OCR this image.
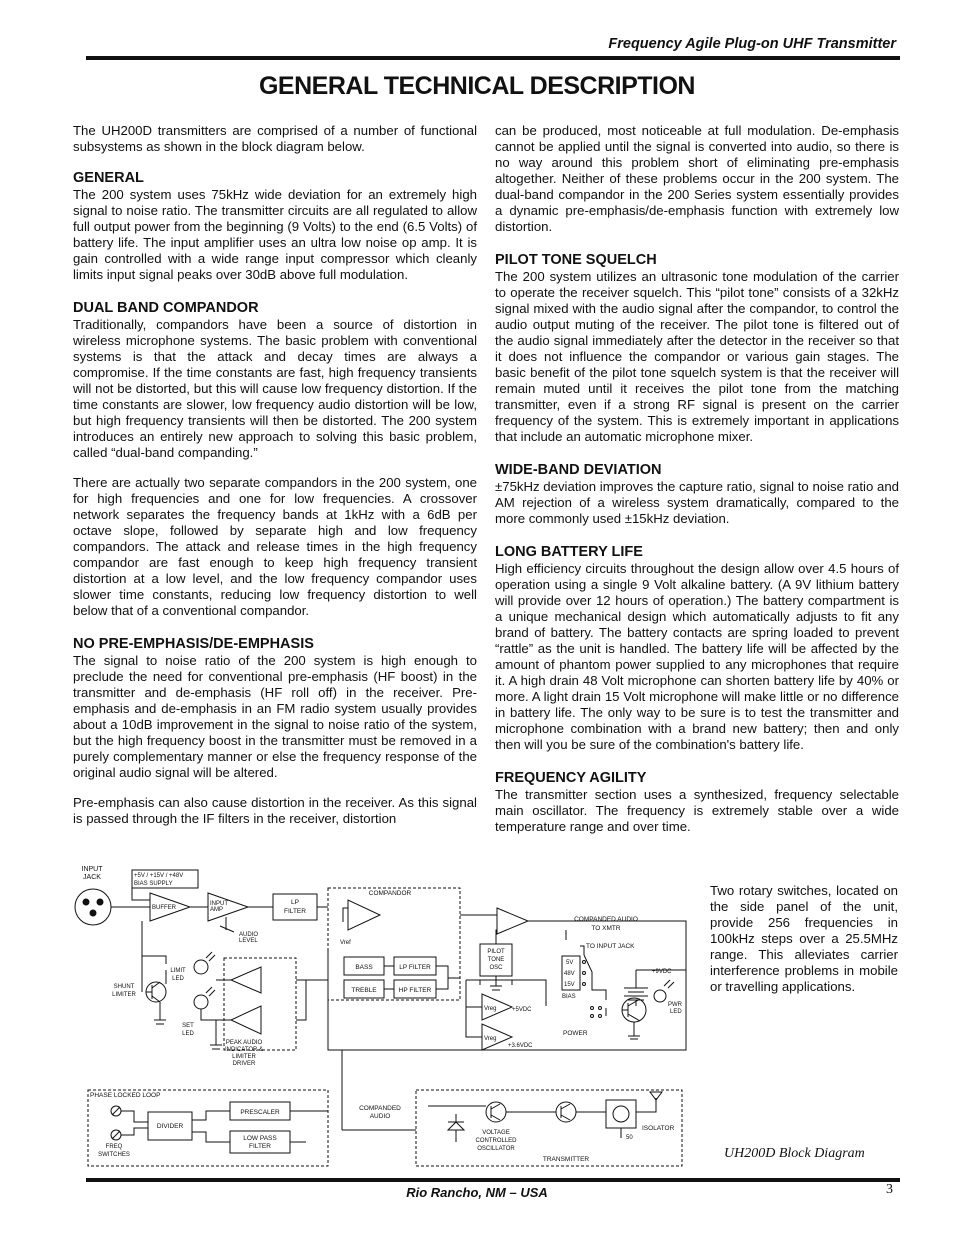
Frequency Agile Plug-on UHF Transmitter
GENERAL TECHNICAL DESCRIPTION

The UH200D transmitters are comprised of a number of functional subsystems as shown in the block diagram below.

GENERAL

The 200 system uses 75kHz wide deviation for an extremely high signal to noise ratio. The transmitter circuits are all regulated to allow full output power from the beginning (9 Volts) to the end (6.5 Volts) of battery life. The input amplifier uses an ultra low noise op amp. It is gain controlled with a wide range input compressor which cleanly limits input signal peaks over 30dB above full modulation.

DUAL BAND COMPANDOR

Traditionally, compandors have been a source of distortion in wireless microphone systems. The basic problem with conventional systems is that the attack and decay times are always a compromise. If the time constants are fast, high frequency transients will not be distorted, but this will cause low frequency distortion. If the time constants are slower, low frequency audio distortion will be low, but high frequency transients will then be distorted. The 200 system introduces an entirely new approach to solving this basic problem, called “dual-band companding.”

There are actually two separate compandors in the 200 system, one for high frequencies and one for low frequencies. A crossover network separates the frequency bands at 1kHz with a 6dB per octave slope, followed by separate high and low frequency compandors. The attack and release times in the high frequency compandor are fast enough to keep high frequency transient distortion at a low level, and the low frequency compandor uses slower time constants, reducing low frequency distortion to well below that of a conventional compandor.

NO PRE-EMPHASIS/DE-EMPHASIS

The signal to noise ratio of the 200 system is high enough to preclude the need for conventional pre-emphasis (HF boost) in the transmitter and de-emphasis (HF roll off) in the receiver. Pre-emphasis and de-emphasis in an FM radio system usually provides about a 10dB improvement in the signal to noise ratio of the system, but the high frequency boost in the transmitter must be removed in a purely complementary manner or else the frequency response of the original audio signal will be altered.

Pre-emphasis can also cause distortion in the receiver. As this signal is passed through the IF filters in the receiver, distortion

can be produced, most noticeable at full modulation. De-emphasis cannot be applied until the signal is converted into audio, so there is no way around this problem short of eliminating pre-emphasis altogether. Neither of these problems occur in the 200 system. The dual-band compandor in the 200 Series system essentially provides a dynamic pre-emphasis/de-emphasis function with extremely low distortion.

PILOT TONE SQUELCH

The 200 system utilizes an ultrasonic tone modulation of the carrier to operate the receiver squelch. This “pilot tone” consists of a 32kHz signal mixed with the audio signal after the compandor, to control the audio output muting of the receiver. The pilot tone is filtered out of the audio signal immediately after the detector in the receiver so that it does not influence the compandor or various gain stages. The basic benefit of the pilot tone squelch system is that the receiver will remain muted until it receives the pilot tone from the matching transmitter, even if a strong RF signal is present on the carrier frequency of the system. This is extremely important in applications that include an automatic microphone mixer.

WIDE-BAND DEVIATION

±75kHz deviation improves the capture ratio, signal to noise ratio and AM rejection of a wireless system dramatically, compared to the more commonly used ±15kHz deviation.

LONG BATTERY LIFE

High efficiency circuits throughout the design allow over 4.5 hours of operation using a single 9 Volt alkaline battery. (A 9V lithium battery will provide over 12 hours of operation.) The battery compartment is a unique mechanical design which automatically adjusts to fit any brand of battery. The battery contacts are spring loaded to prevent “rattle” as the unit is handled. The battery life will be affected by the amount of phantom power supplied to any microphones that require it. A high drain 48 Volt microphone can shorten battery life by 40% or more. A light drain 15 Volt microphone will make little or no difference in battery life. The only way to be sure is to test the transmitter and microphone combination with a brand new battery; then and only then will you be sure of the combination's battery life.

FREQUENCY AGILITY

The transmitter section uses a synthesized, frequency selectable main oscillator. The frequency is extremely stable over a wide temperature range and over time.

Two rotary switches, located on the side panel of the unit, provide 256 frequencies in 100kHz steps over a 25.5MHz range. This alleviates carrier interference problems in mobile or travelling applications.
INPUT
JACK	+5V / +15V / +48V
BIAS SUPPLY
BUFFER
INPUT
AMP
AUDIO
LEVEL
LP
FILTER
COMPANDOR
Vref
BASS	LP FILTER
TREBLE	HP FILTER
COMPANDED AUDIO
TO XMTR
PILOT
TONE
OSC
TO INPUT JACK
5V
48V
15V
BIAS
POWER
+9VDC
PWR
LED
Vreg	+5VDC
Vreg
+3.6VDC
LIMIT
LED
SHUNT
LIMITER
SET
LED
PEAK AUDIO
INDICATOR &
LIMITER
DRIVER
PHASE LOCKED LOOP
PRESCALER
DIVIDER
LOW PASS
FILTER
FREQ
SWITCHES
COMPANDED
AUDIO
VOLTAGE
CONTROLLED
OSCILLATOR
ISOLATOR
50
TRANSMITTER	UH200D Block Diagram
Rio Rancho, NM – USA	3
